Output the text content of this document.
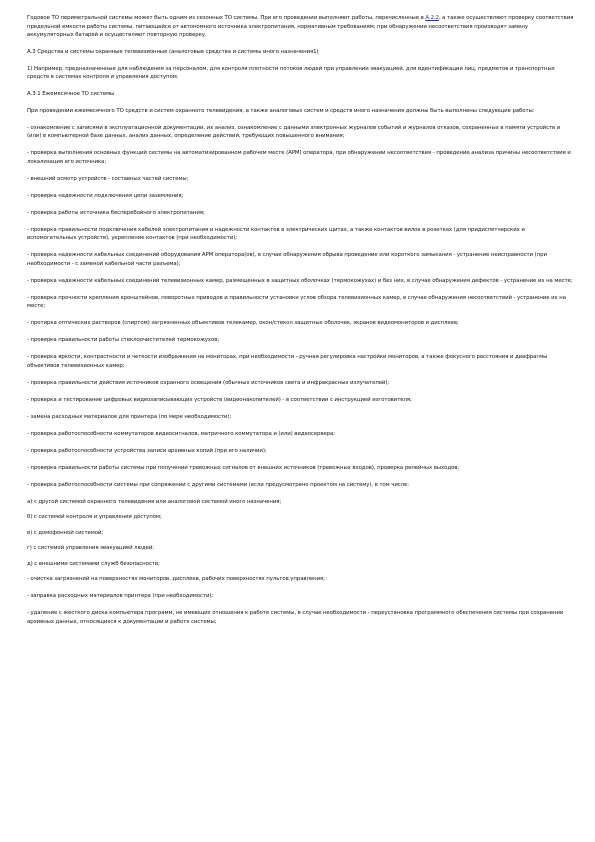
Годовое ТО периметральной системы может быть одним из сезонных ТО системы. При его проведении выполняют работы, перечисленные в А.2.2, а также осуществляют проверку соответствия предельной емкости работы системы, питающейся от автономного источника электропитания, нормативным требованиям; при обнаружении несоответствия производят замену аккумуляторных батарей и осуществляют повторную проверку.

А.3 Средства и системы охранные телевизионные (аналоговые средства и системы иного назначения1)

1) Например, предназначенные для наблюдения за персоналом, для контроля плотности потоков людей при управлении эвакуацией, для идентификации лиц, предметов и транспортных средств в системах контроля и управления доступом.

А.3.1 Ежемесячное ТО системы

При проведении ежемесячного ТО средств и систем охранного телевидения, а также аналоговых систем и средств иного назначения должны быть выполнены следующие работы:

- ознакомление с записями в эксплуатационной документации, их анализ, ознакомление с данными электронных журналов событий и журналов отказов, сохраненных в памяти устройств и (или) в компьютерной базе данных, анализ данных, определение действий, требующих повышенного внимания;

- проверка выполнения основных функций системы на автоматизированном рабочем месте (АРМ) оператора, при обнаружении несоответствия - проведение анализа причины несоответствия и локализация его источника;

- внешний осмотр устройств - составных частей системы;

- проверка надежности подключения цепи заземления;

- проверка работы источника бесперебойного электропитания;

- проверка правильности подключения кабелей электропитания и надежности контактов в электрических щитах, а также контактов вилок в розетках (для придиспетчерских и вспомогательных устройств), укрепление контактов (при необходимости);

- проверка надежности кабельных соединений оборудования АРМ оператора(ов), в случае обнаружения обрыва проведение или короткого замыкания - устранение неисправности (при необходимости - с заменой кабельной части разъема);

- проверка надежности кабельных соединений телевизионных камер, размещенных в защитных оболочках (термокожухах) и без них, в случае обнаружения дефектов - устранение их на месте;

- проверка прочности крепления кронштейнов, поворотных приводов и правильности установки углов обзора телевизионных камер, в случае обнаружения несоответствий - устранение их на месте;

- протирка оптических растворов (спиртом) загрязненных объективов телекамер, окон/стекол защитных оболочек, экранов видеомониторов и дисплеев;

- проверка правильности работы стеклоочистителей термокожухов;

- проверка яркости, контрастности и четкости изображения на мониторах, при необходимости - ручная регулировка настройки мониторов, а также фокусного расстояния и диафрагмы объективов телевизионных камер;

- проверка правильности действия источников охранного освещения (обычных источников света и инфракрасных излучателей);

- проверка и тестирование цифровых видеозаписывающих устройств (видеонакопителей) - в соответствии с инструкцией изготовителя;

- замена расходных материалов для принтера (по мере необходимости);

- проверка работоспособности коммутаторов видеосигналов, матричного коммутатора и (или) видеосервера;

- проверка работоспособности устройства записи архивных копий (при его наличии);

- проверка правильности работы системы при получении тревожных сигналов от внешних источников (тревожных входов), проверка релейных выходов;

- проверка работоспособности системы при сопряжении с другими системами (если предусмотрено проектом на систему), в том числе:

а) с другой системой охранного телевидения или аналоговой системой иного назначения;

б) с системой контроля и управления доступом;

в) с домофонной системой;

г) с системой управления эвакуацией людей;

д) с внешними системами служб безопасности;

- очистка загрязнений на поверхностях мониторов, дисплеев, рабочих поверхностях пультов управления;

- заправка расходных материалов принтера (при необходимости);

- удаление с жесткого диска компьютера программ, не имеющих отношения к работе системы, в случае необходимости - переустановка программного обеспечения системы при сохранении архивных данных, относящихся к документации и работе системы;
